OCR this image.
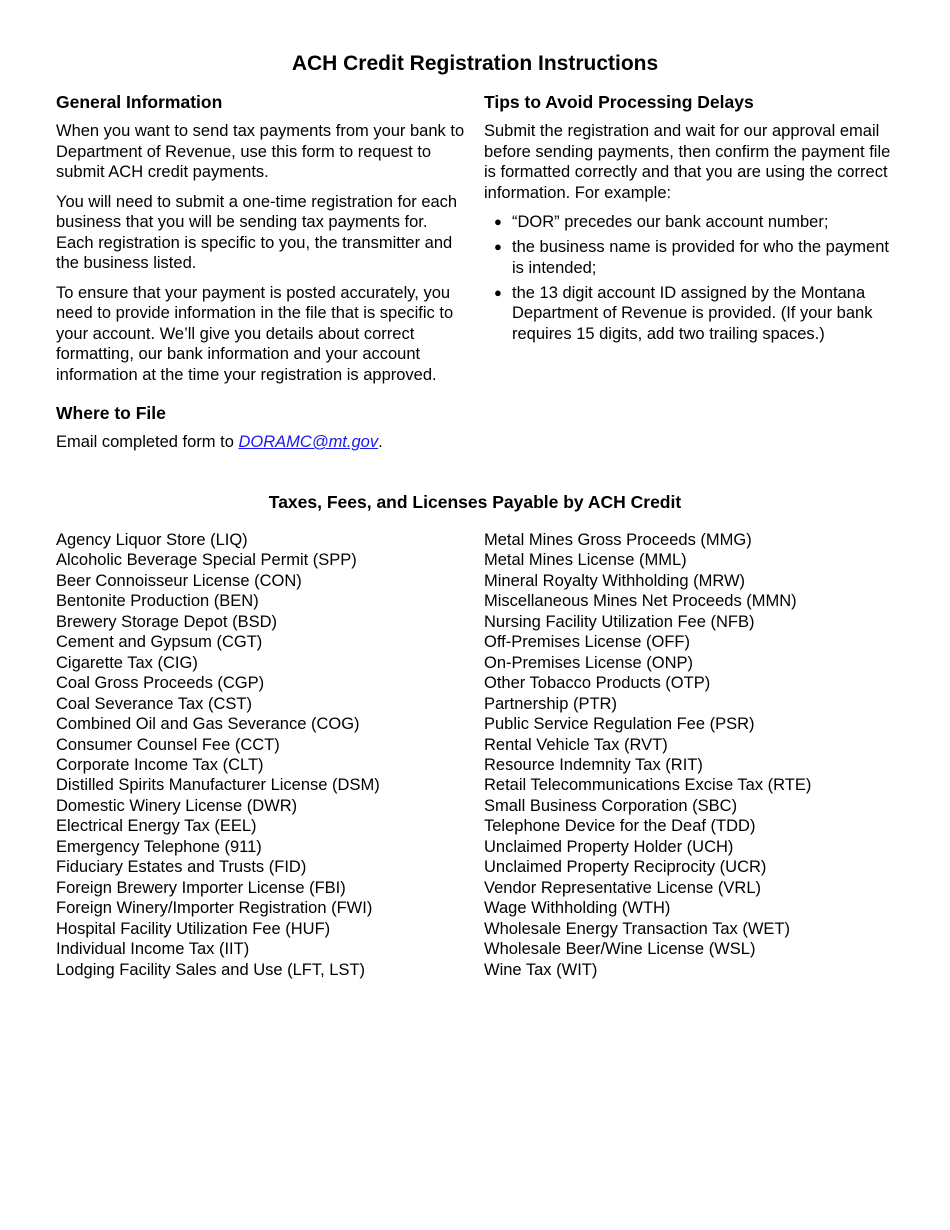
ACH Credit Registration Instructions
General Information

When you want to send tax payments from your bank to Department of Revenue, use this form to request to submit ACH credit payments.

You will need to submit a one-time registration for each business that you will be sending tax payments for. Each registration is specific to you, the transmitter and the business listed.

To ensure that your payment is posted accurately, you need to provide information in the file that is specific to your account. We’ll give you details about correct formatting, our bank information and your account information at the time your registration is approved.

Where to File

Email completed form to DORAMC@mt.gov.

Tips to Avoid Processing Delays

Submit the registration and wait for our approval email before sending payments, then confirm the payment file is formatted correctly and that you are using the correct information. For example:

● “DOR” precedes our bank account number;
● the business name is provided for who the payment is intended;
● the 13 digit account ID assigned by the Montana Department of Revenue is provided. (If your bank requires 15 digits, add two trailing spaces.)
Taxes, Fees, and Licenses Payable by ACH Credit
Agency Liquor Store (LIQ)
Alcoholic Beverage Special Permit (SPP)
Beer Connoisseur License (CON)
Bentonite Production (BEN)
Brewery Storage Depot (BSD)
Cement and Gypsum (CGT)
Cigarette Tax (CIG)
Coal Gross Proceeds (CGP)
Coal Severance Tax (CST)
Combined Oil and Gas Severance (COG)
Consumer Counsel Fee (CCT)
Corporate Income Tax (CLT)
Distilled Spirits Manufacturer License (DSM)
Domestic Winery License (DWR)
Electrical Energy Tax (EEL)
Emergency Telephone (911)
Fiduciary Estates and Trusts (FID)
Foreign Brewery Importer License (FBI)
Foreign Winery/Importer Registration (FWI)
Hospital Facility Utilization Fee (HUF)
Individual Income Tax (IIT)
Lodging Facility Sales and Use (LFT, LST)
Metal Mines Gross Proceeds (MMG)
Metal Mines License (MML)
Mineral Royalty Withholding (MRW)
Miscellaneous Mines Net Proceeds (MMN)
Nursing Facility Utilization Fee (NFB)
Off-Premises License (OFF)
On-Premises License (ONP)
Other Tobacco Products (OTP)
Partnership (PTR)
Public Service Regulation Fee (PSR)
Rental Vehicle Tax (RVT)
Resource Indemnity Tax (RIT)
Retail Telecommunications Excise Tax (RTE)
Small Business Corporation (SBC)
Telephone Device for the Deaf (TDD)
Unclaimed Property Holder (UCH)
Unclaimed Property Reciprocity (UCR)
Vendor Representative License (VRL)
Wage Withholding (WTH)
Wholesale Energy Transaction Tax (WET)
Wholesale Beer/Wine License (WSL)
Wine Tax (WIT)
